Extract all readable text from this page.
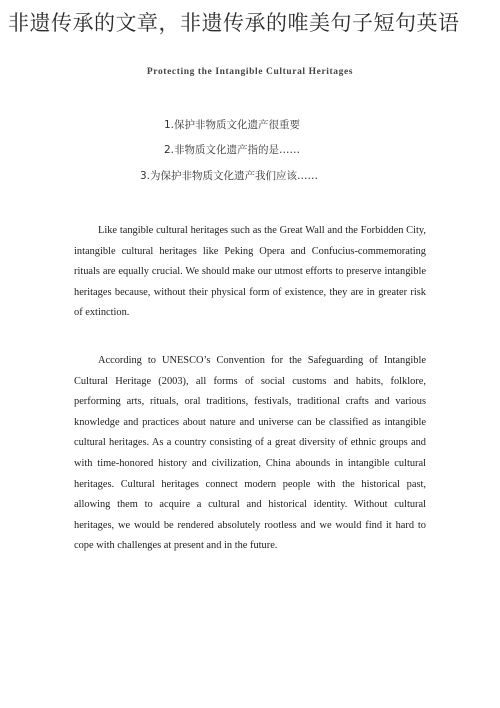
非遗传承的文章，非遗传承的唯美句子短句英语
Protecting the Intangible Cultural Heritages
1.保护非物质文化遗产很重要
2.非物质文化遗产指的是……
3.为保护非物质文化遗产我们应该……

Like tangible cultural heritages such as the Great Wall and the Forbidden City, intangible cultural heritages like Peking Opera and Confucius-commemorating rituals are equally crucial. We should make our utmost efforts to preserve intangible heritages because, without their physical form of existence, they are in greater risk of extinction.

According to UNESCO’s Convention for the Safeguarding of Intangible Cultural Heritage (2003), all forms of social customs and habits, folklore, performing arts, rituals, oral traditions, festivals, traditional crafts and various knowledge and practices about nature and universe can be classified as intangible cultural heritages. As a country consisting of a great diversity of ethnic groups and with time-honored history and civilization, China abounds in intangible cultural heritages. Cultural heritages connect modern people with the historical past, allowing them to acquire a cultural and historical identity. Without cultural heritages, we would be rendered absolutely rootless and we would find it hard to cope with challenges at present and in the future.
